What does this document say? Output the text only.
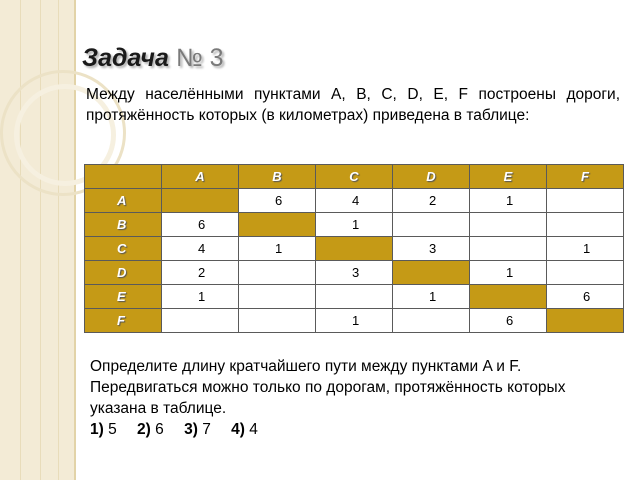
Задача № 3
Между населёнными пунктами A, B, C, D, E, F построены дороги, протяжённость которых (в километрах) приведена в таблице:
	A	B	C	D	E	F
A		6	4	2	1	
B	6		1			
C	4	1		3		1
D	2		3		1	
E	1			1		6
F			1		6	
Определите длину кратчайшего пути между пунктами A и F. Передвигаться можно только по дорогам, протяжённость которых указана в таблице.
1) 5 2) 6 3) 7 4) 4
